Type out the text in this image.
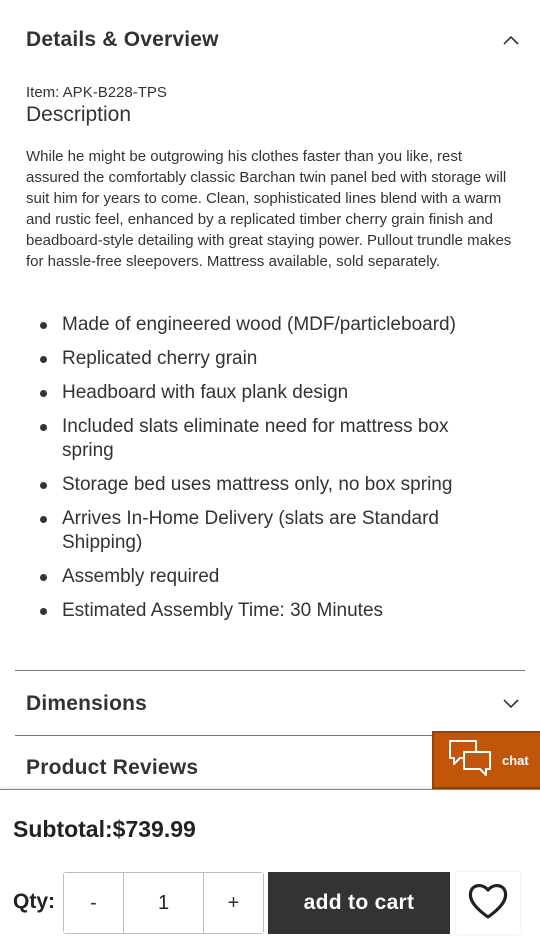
Details & Overview
Item: APK-B228-TPS
Description

While he might be outgrowing his clothes faster than you like, rest assured the comfortably classic Barchan twin panel bed with storage will suit him for years to come. Clean, sophisticated lines blend with a warm and rustic feel, enhanced by a replicated timber cherry grain finish and beadboard-style detailing with great staying power. Pullout trundle makes for hassle-free sleepovers. Mattress available, sold separately.

Made of engineered wood (MDF/particleboard)
Replicated cherry grain
Headboard with faux plank design
Included slats eliminate need for mattress box spring
Storage bed uses mattress only, no box spring
Arrives In-Home Delivery (slats are Standard Shipping)
Assembly required
Estimated Assembly Time: 30 Minutes
Dimensions
Product Reviews	chat
Subtotal:$739.99
Qty:	-	1	+	add to cart
